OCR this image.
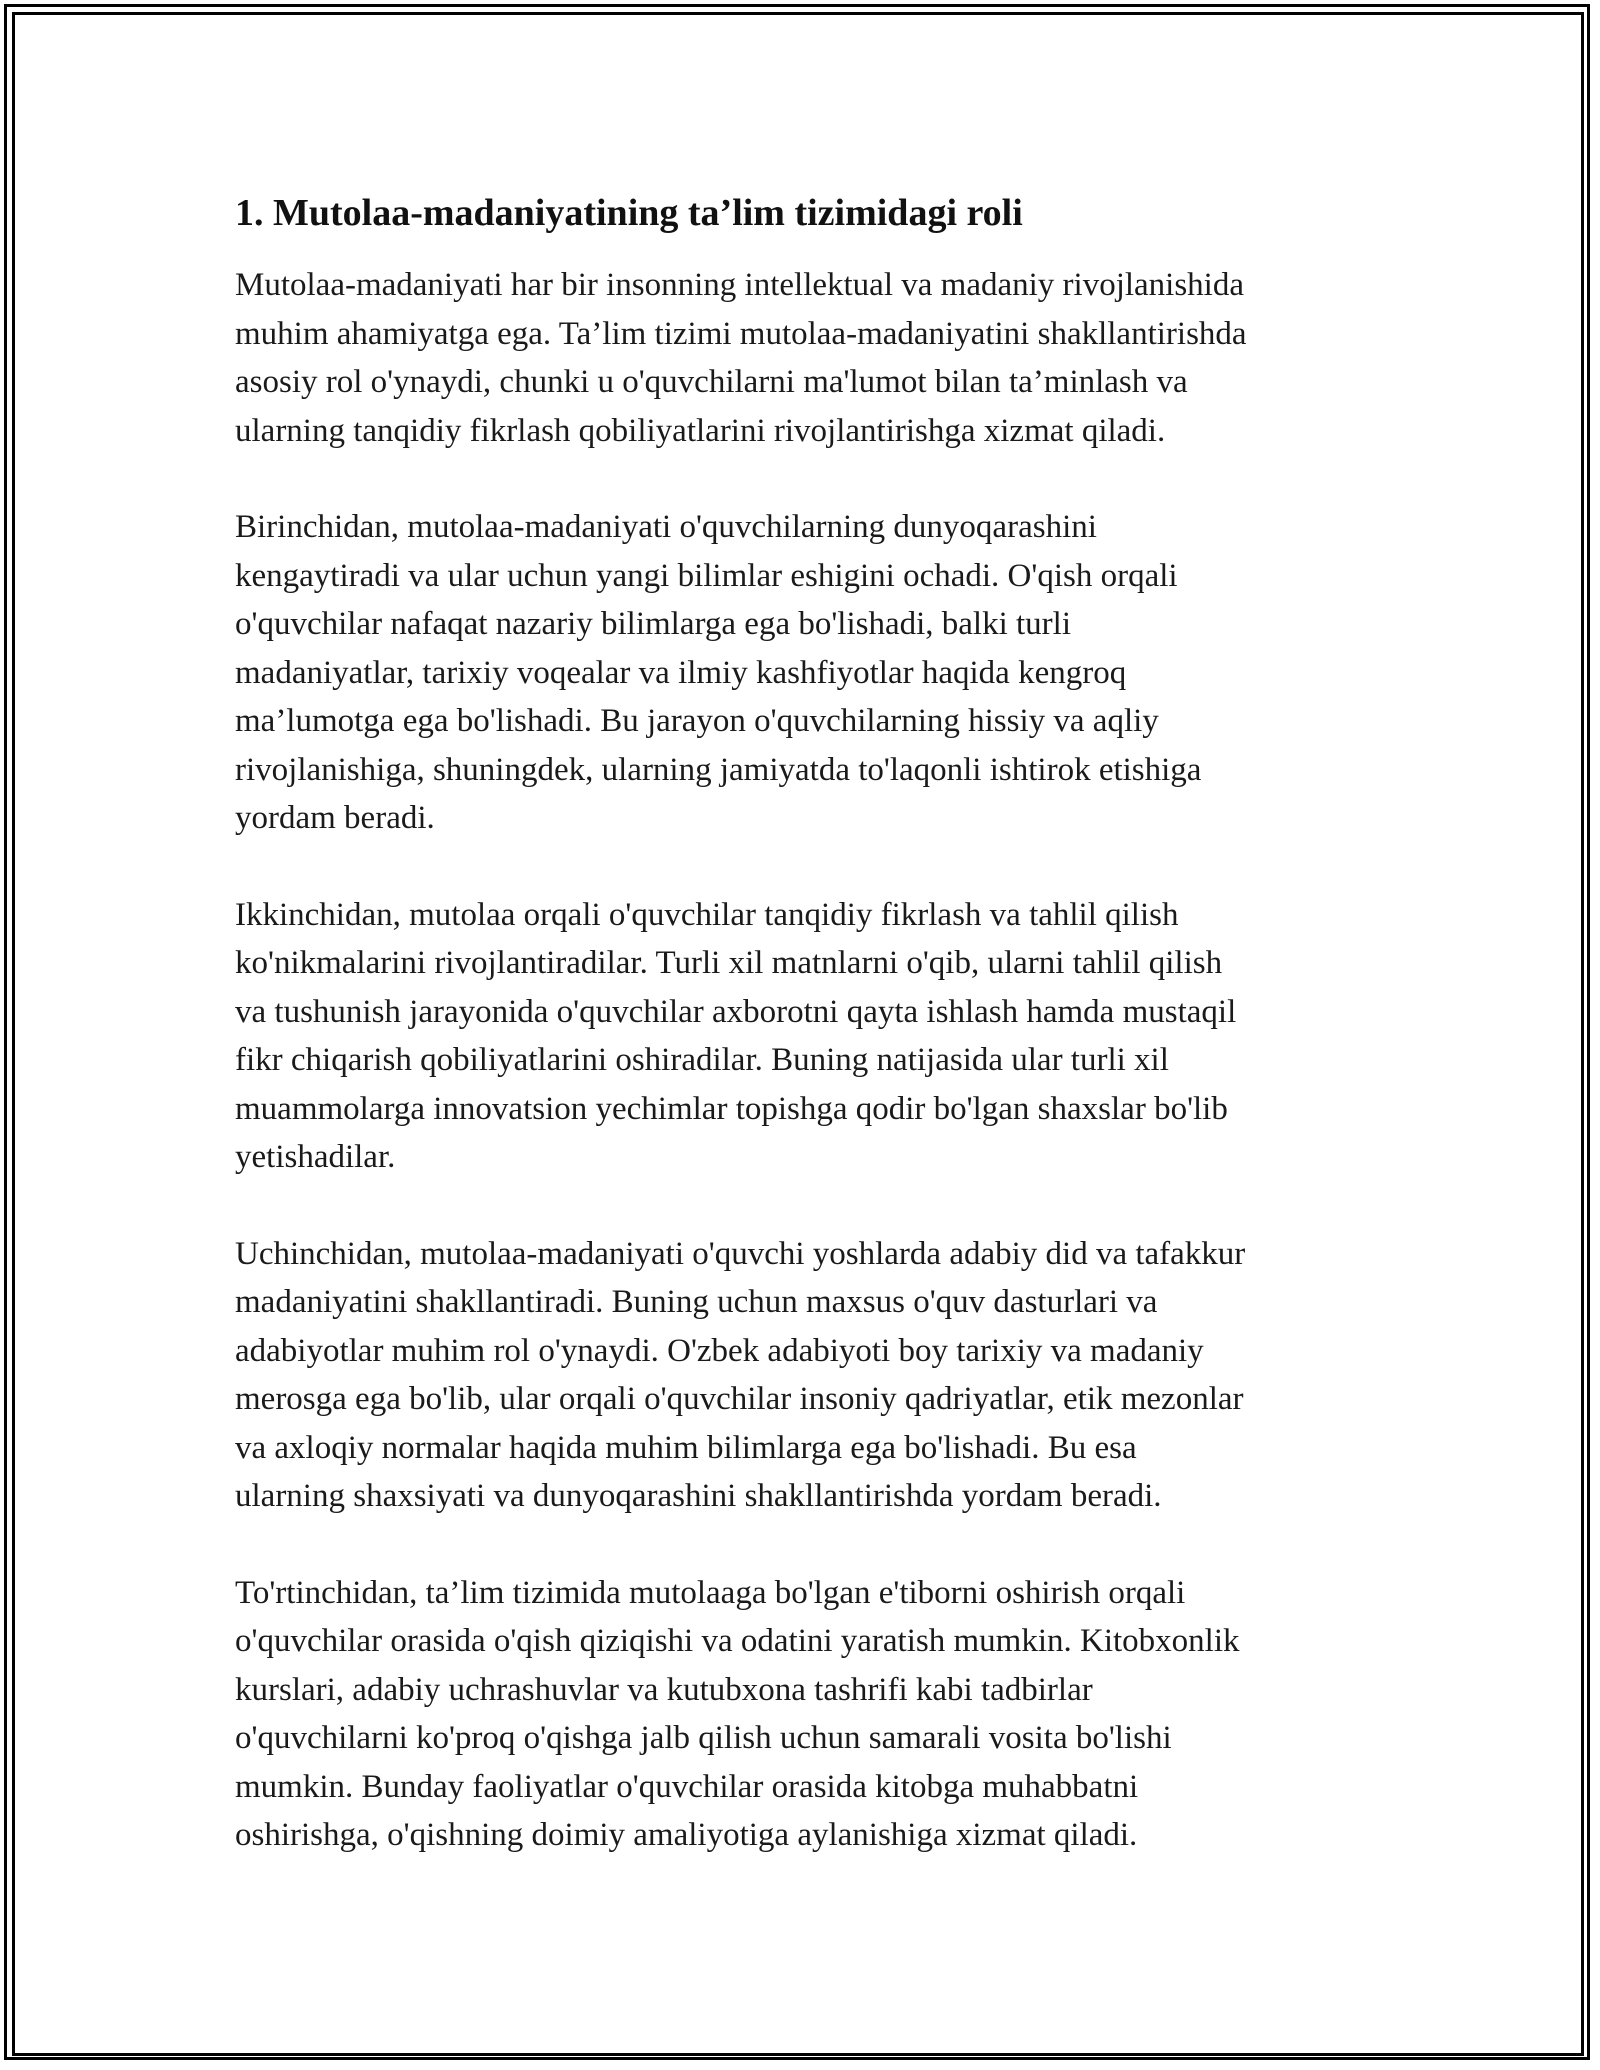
1. Mutolaa-madaniyatining ta’lim tizimidagi roli

Mutolaa-madaniyati har bir insonning intellektual va madaniy rivojlanishida
muhim ahamiyatga ega. Ta’lim tizimi mutolaa-madaniyatini shakllantirishda
asosiy rol o'ynaydi, chunki u o'quvchilarni ma'lumot bilan ta’minlash va
ularning tanqidiy fikrlash qobiliyatlarini rivojlantirishga xizmat qiladi.

Birinchidan, mutolaa-madaniyati o'quvchilarning dunyoqarashini
kengaytiradi va ular uchun yangi bilimlar eshigini ochadi. O'qish orqali
o'quvchilar nafaqat nazariy bilimlarga ega bo'lishadi, balki turli
madaniyatlar, tarixiy voqealar va ilmiy kashfiyotlar haqida kengroq
ma’lumotga ega bo'lishadi. Bu jarayon o'quvchilarning hissiy va aqliy
rivojlanishiga, shuningdek, ularning jamiyatda to'laqonli ishtirok etishiga
yordam beradi.

Ikkinchidan, mutolaa orqali o'quvchilar tanqidiy fikrlash va tahlil qilish
ko'nikmalarini rivojlantiradilar. Turli xil matnlarni o'qib, ularni tahlil qilish
va tushunish jarayonida o'quvchilar axborotni qayta ishlash hamda mustaqil
fikr chiqarish qobiliyatlarini oshiradilar. Buning natijasida ular turli xil
muammolarga innovatsion yechimlar topishga qodir bo'lgan shaxslar bo'lib
yetishadilar.

Uchinchidan, mutolaa-madaniyati o'quvchi yoshlarda adabiy did va tafakkur
madaniyatini shakllantiradi. Buning uchun maxsus o'quv dasturlari va
adabiyotlar muhim rol o'ynaydi. O'zbek adabiyoti boy tarixiy va madaniy
merosga ega bo'lib, ular orqali o'quvchilar insoniy qadriyatlar, etik mezonlar
va axloqiy normalar haqida muhim bilimlarga ega bo'lishadi. Bu esa
ularning shaxsiyati va dunyoqarashini shakllantirishda yordam beradi.

To'rtinchidan, ta’lim tizimida mutolaaga bo'lgan e'tiborni oshirish orqali
o'quvchilar orasida o'qish qiziqishi va odatini yaratish mumkin. Kitobxonlik
kurslari, adabiy uchrashuvlar va kutubxona tashrifi kabi tadbirlar
o'quvchilarni ko'proq o'qishga jalb qilish uchun samarali vosita bo'lishi
mumkin. Bunday faoliyatlar o'quvchilar orasida kitobga muhabbatni
oshirishga, o'qishning doimiy amaliyotiga aylanishiga xizmat qiladi.
